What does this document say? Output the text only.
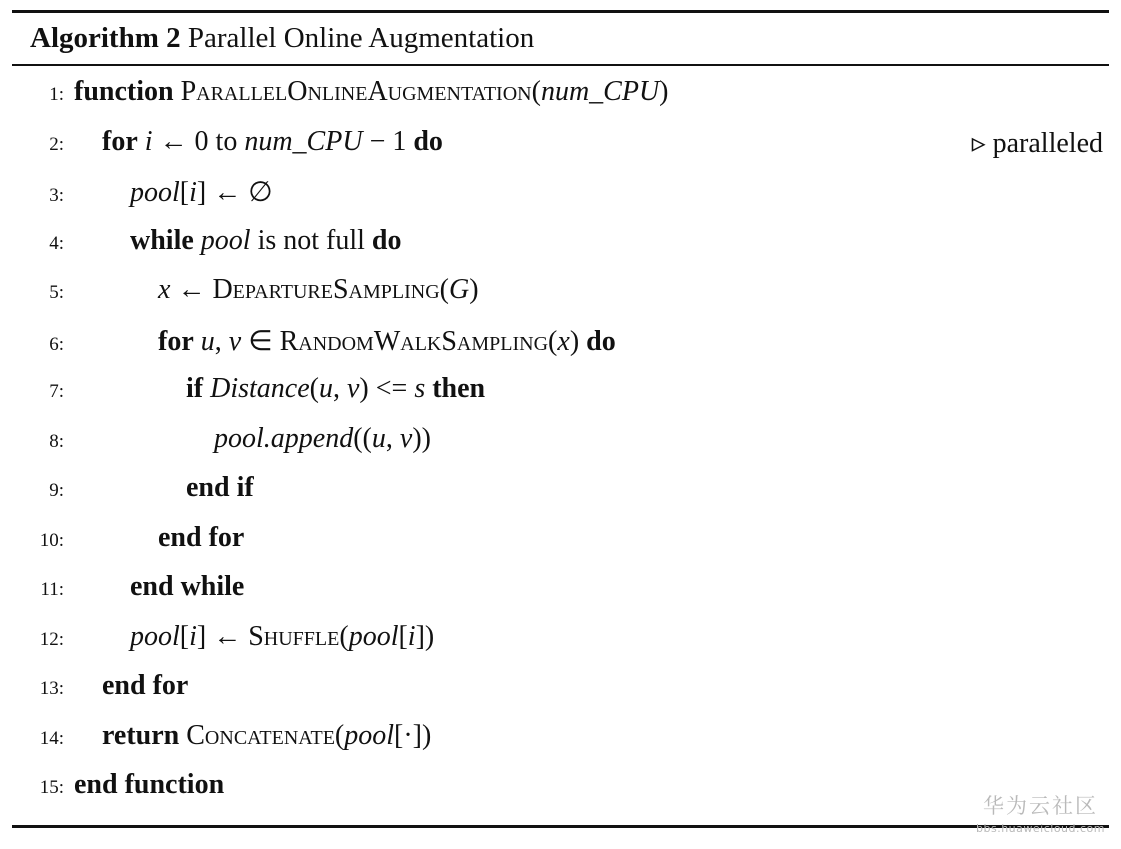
Algorithm 2 Parallel Online Augmentation
1: function ParallelOnlineAugmentation(num_CPU)
2:	for i ← 0 to num_CPU − 1 do	▹ paralleled
3:	pool[i] ← ∅
4:	while pool is not full do
5:	x ← DepartureSampling(G)
6:	for u, v ∈ RandomWalkSampling(x) do
7:	if Distance(u, v) <= s then
8:	pool.append((u, v))
9:	end if
10:	end for
11:	end while
12:	pool[i] ← Shuffle(pool[i])
13:	end for
14:	return Concatenate(pool[·])
15: end function
华为云社区
bbs.huaweicloud.com
